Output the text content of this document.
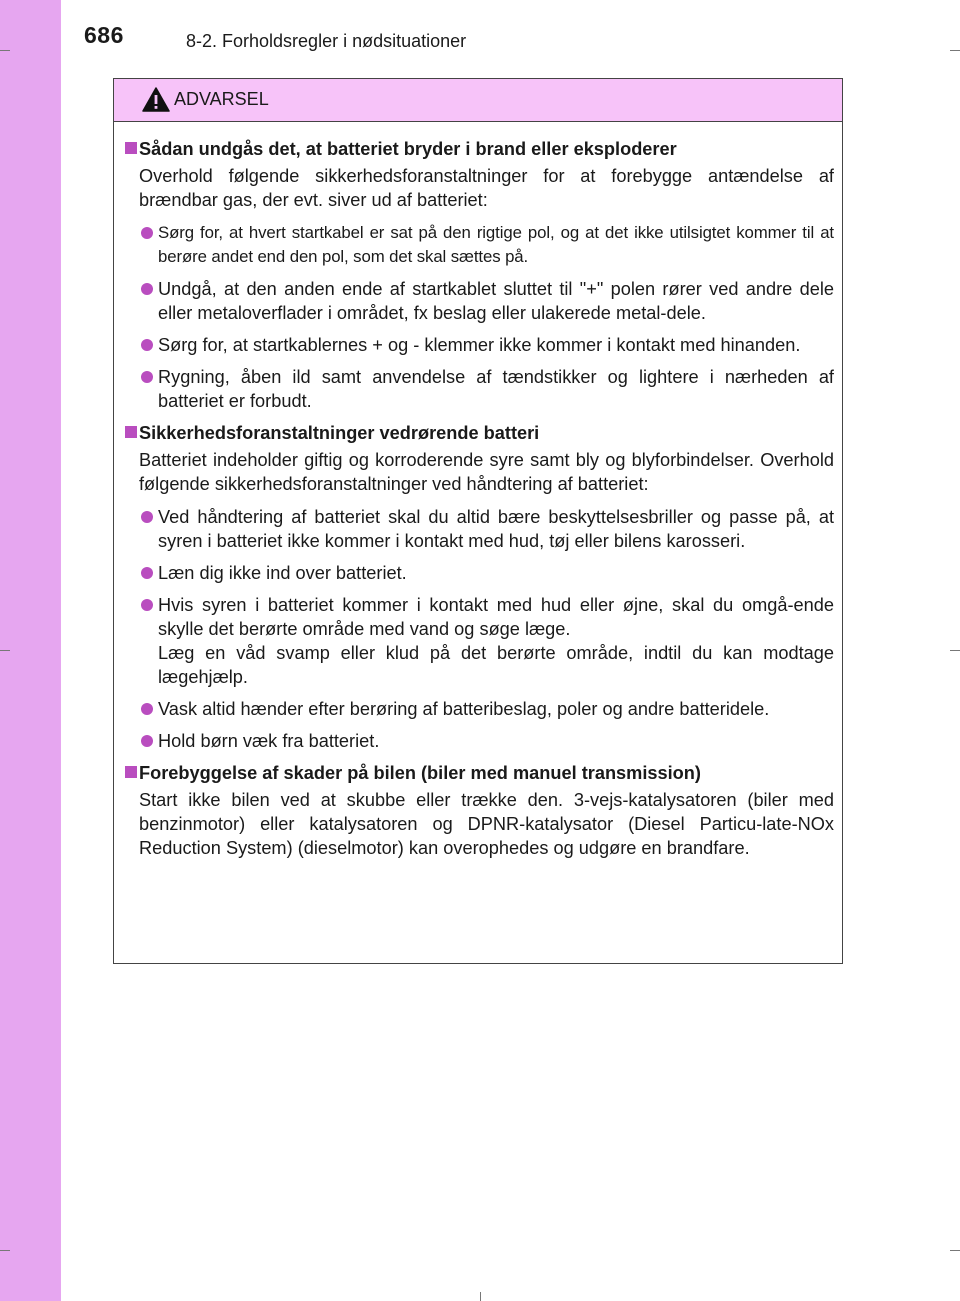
686	8-2. Forholdsregler i nødsituationer
ADVARSEL
Sådan undgås det, at batteriet bryder i brand eller eksploderer
Overhold følgende sikkerhedsforanstaltninger for at forebygge antændelse af brændbar gas, der evt. siver ud af batteriet:
Sørg for, at hvert startkabel er sat på den rigtige pol, og at det ikke utilsigtet kommer til at berøre andet end den pol, som det skal sættes på.
Undgå, at den anden ende af startkablet sluttet til "+" polen rører ved andre dele eller metaloverflader i området, fx beslag eller ulakerede metal-dele.
Sørg for, at startkablernes + og - klemmer ikke kommer i kontakt med hinanden.
Rygning, åben ild samt anvendelse af tændstikker og lightere i nærheden af batteriet er forbudt.
Sikkerhedsforanstaltninger vedrørende batteri
Batteriet indeholder giftig og korroderende syre samt bly og blyforbindelser. Overhold følgende sikkerhedsforanstaltninger ved håndtering af batteriet:
Ved håndtering af batteriet skal du altid bære beskyttelsesbriller og passe på, at syren i batteriet ikke kommer i kontakt med hud, tøj eller bilens karosseri.
Læn dig ikke ind over batteriet.
Hvis syren i batteriet kommer i kontakt med hud eller øjne, skal du omgå-ende skylle det berørte område med vand og søge læge.
Læg en våd svamp eller klud på det berørte område, indtil du kan modtage lægehjælp.
Vask altid hænder efter berøring af batteribeslag, poler og andre batteridele.
Hold børn væk fra batteriet.
Forebyggelse af skader på bilen (biler med manuel transmission)
Start ikke bilen ved at skubbe eller trække den. 3-vejs-katalysatoren (biler med benzinmotor) eller katalysatoren og DPNR-katalysator (Diesel Particu-late-NOx Reduction System) (dieselmotor) kan overophedes og udgøre en brandfare.
